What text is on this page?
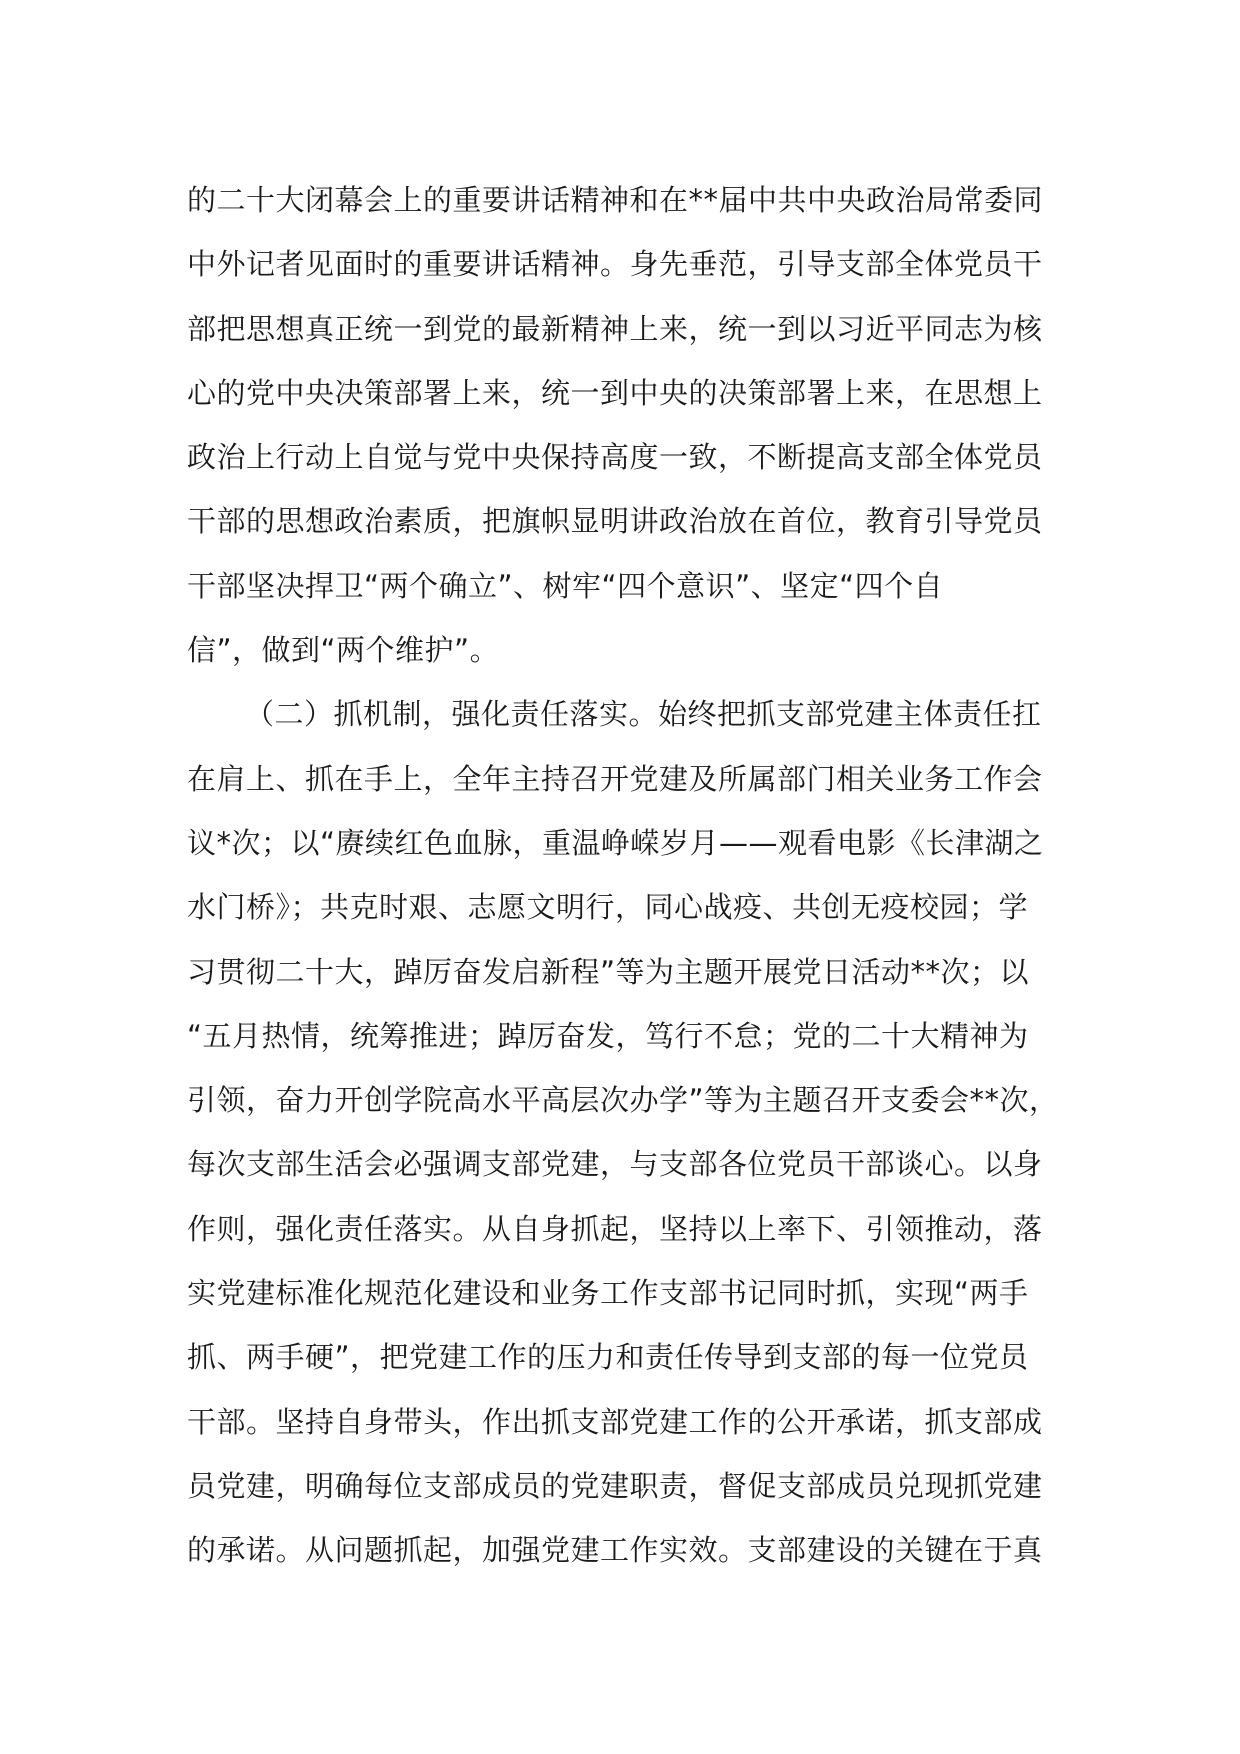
的二十大闭幕会上的重要讲话精神和在**届中共中央政治局常委同
中外记者见面时的重要讲话精神。身先垂范，引导支部全体党员干
部把思想真正统一到党的最新精神上来，统一到以习近平同志为核
心的党中央决策部署上来，统一到中央的决策部署上来，在思想上
政治上行动上自觉与党中央保持高度一致，不断提高支部全体党员
干部的思想政治素质，把旗帜显明讲政治放在首位，教育引导党员
干部坚决捍卫“两个确立”、树牢“四个意识”、坚定“四个自
信”，做到“两个维护”。
（二）抓机制，强化责任落实。始终把抓支部党建主体责任扛
在肩上、抓在手上，全年主持召开党建及所属部门相关业务工作会
议*次；以“赓续红色血脉，重温峥嵘岁月——观看电影《长津湖之
水门桥》；共克时艰、志愿文明行，同心战疫、共创无疫校园；学
习贯彻二十大，踔厉奋发启新程”等为主题开展党日活动**次；以
“五月热情，统筹推进；踔厉奋发，笃行不怠；党的二十大精神为
引领，奋力开创学院高水平高层次办学”等为主题召开支委会**次，
每次支部生活会必强调支部党建，与支部各位党员干部谈心。以身
作则，强化责任落实。从自身抓起，坚持以上率下、引领推动，落
实党建标准化规范化建设和业务工作支部书记同时抓，实现“两手
抓、两手硬”，把党建工作的压力和责任传导到支部的每一位党员
干部。坚持自身带头，作出抓支部党建工作的公开承诺，抓支部成
员党建，明确每位支部成员的党建职责，督促支部成员兑现抓党建
的承诺。从问题抓起，加强党建工作实效。支部建设的关键在于真
